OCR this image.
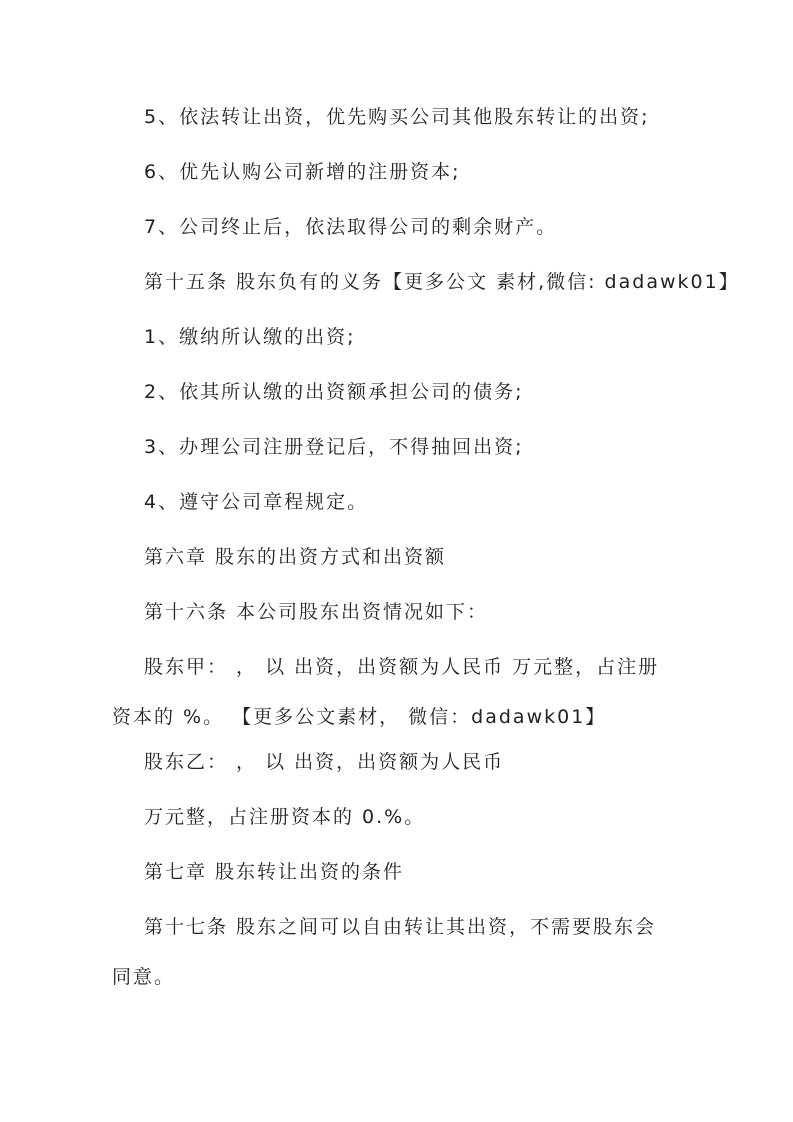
5、依法转让出资，优先购买公司其他股东转让的出资;
6、优先认购公司新增的注册资本;
7、公司终止后，依法取得公司的剩余财产。
第十五条 股东负有的义务【更多公文 素材,微信: dadawk01】
1、缴纳所认缴的出资;
2、依其所认缴的出资额承担公司的债务;
3、办理公司注册登记后，不得抽回出资;
4、遵守公司章程规定。
第六章 股东的出资方式和出资额
第十六条 本公司股东出资情况如下：
股东甲： ， 以 出资，出资额为人民币 万元整，占注册
资本的 %。 【更多公文素材， 微信：dadawk01】
股东乙： ， 以 出资，出资额为人民币
万元整，占注册资本的 0.%。
第七章 股东转让出资的条件
第十七条 股东之间可以自由转让其出资，不需要股东会
同意。
